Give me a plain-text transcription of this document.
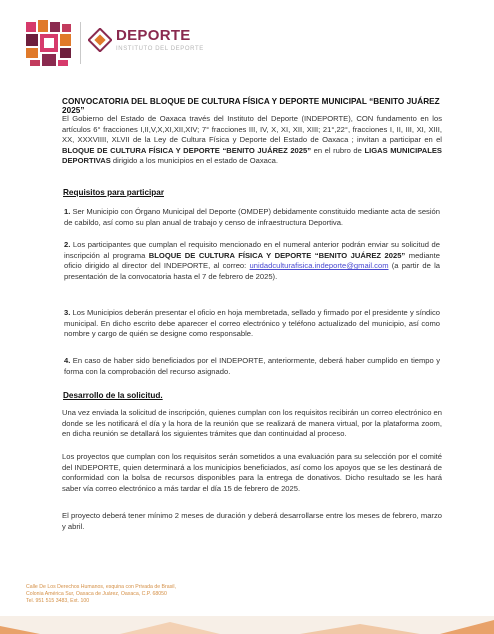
DEPORTE
INSTITUTO DEL DEPORTE
CONVOCATORIA DEL BLOQUE DE CULTURA FÍSICA Y DEPORTE MUNICIPAL “BENITO JUÁREZ 2025”
El Gobierno del Estado de Oaxaca través del Instituto del Deporte (INDEPORTE), CON fundamento en los artículos 6° fracciones I,II,V,X,XI,XII,XIV; 7° fracciones III, IV, X, XI, XII, XIII; 21°,22°, fracciones I, II, III, XI, XIII, XX, XXXVIIII, XLVII de la Ley de Cultura Física y Deporte del Estado de Oaxaca ; invitan a participar en el BLOQUE DE CULTURA FÍSICA Y DEPORTE “BENITO JUÁREZ 2025” en el rubro de LIGAS MUNICIPALES DEPORTIVAS dirigido a los municipios en el estado de Oaxaca.
Requisitos para participar
1. Ser Municipio con Órgano Municipal del Deporte (OMDEP) debidamente constituido mediante acta de sesión de cabildo, así como su plan anual de trabajo y censo de infraestructura Deportiva.
2. Los participantes que cumplan el requisito mencionado en el numeral anterior podrán enviar su solicitud de inscripción al programa BLOQUE DE CULTURA FÍSICA Y DEPORTE “BENITO JUÁREZ 2025” mediante oficio dirigido al director del INDEPORTE, al correo: unidadculturafisica.indeporte@gmail.com (a partir de la presentación de la convocatoria hasta el 7 de febrero de 2025).
3. Los Municipios deberán presentar el oficio en hoja membretada, sellado y firmado por el presidente y síndico municipal. En dicho escrito debe aparecer el correo electrónico y teléfono actualizado del municipio, así como nombre y cargo de quién se designe como responsable.
4. En caso de haber sido beneficiados por el INDEPORTE, anteriormente, deberá haber cumplido en tiempo y forma con la comprobación del recurso asignado.
Desarrollo de la solicitud.
Una vez enviada la solicitud de inscripción, quienes cumplan con los requisitos recibirán un correo electrónico en donde se les notificará el día y la hora de la reunión que se realizará de manera virtual, por la plataforma zoom, en dicha reunión se detallará los siguientes trámites que dan continuidad al proceso.
Los proyectos que cumplan con los requisitos serán sometidos a una evaluación para su selección por el comité del INDEPORTE, quien determinará a los municipios beneficiados, así como los apoyos que se les destinará de conformidad con la bolsa de recursos disponibles para la entrega de donativos. Dicho resultado se les hará saber vía correo electrónico a más tardar el día 15 de febrero de 2025.
El proyecto deberá tener mínimo 2 meses de duración y deberá desarrollarse entre los meses de febrero, marzo y abril.
Calle De Los Derechos Humanos, esquina con Privada de Brasil,
Colonia América Sur, Oaxaca de Juárez, Oaxaca, C.P. 68050
Tel. 951 515 3483, Ext. 100
